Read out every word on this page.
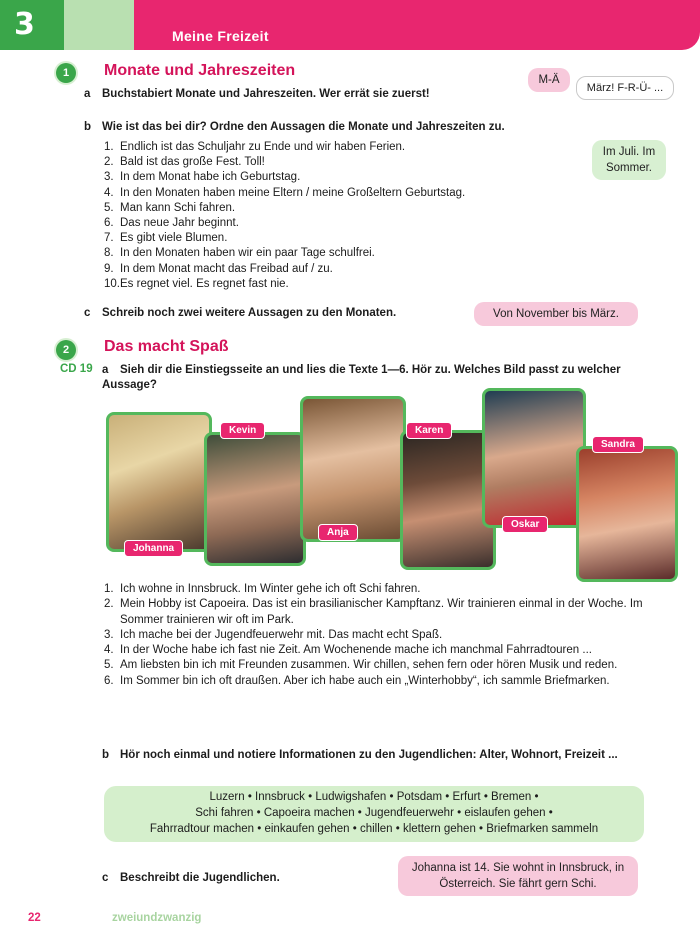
3	Meine Freizeit
1	Monate und Jahreszeiten
a Buchstabiert Monate und Jahreszeiten. Wer errät sie zuerst!
M-Ä
März! F-R-Ü- ...
b Wie ist das bei dir? Ordne den Aussagen die Monate und Jahreszeiten zu.
1. Endlich ist das Schuljahr zu Ende und wir haben Ferien.
2. Bald ist das große Fest. Toll!
3. In dem Monat habe ich Geburtstag.
4. In den Monaten haben meine Eltern / meine Großeltern Geburtstag.
5. Man kann Schi fahren.
6. Das neue Jahr beginnt.
7. Es gibt viele Blumen.
8. In den Monaten haben wir ein paar Tage schulfrei.
9. In dem Monat macht das Freibad auf / zu.
10. Es regnet viel. Es regnet fast nie.
Im Juli. Im Sommer.
c Schreib noch zwei weitere Aussagen zu den Monaten.	Von November bis März.
2	Das macht Spaß
CD 19 a Sieh dir die Einstiegsseite an und lies die Texte 1—6. Hör zu. Welches Bild passt zu welcher Aussage?
Johanna
Kevin
Anja
Karen
Oskar
Sandra
1. Ich wohne in Innsbruck. Im Winter gehe ich oft Schi fahren.
2. Mein Hobby ist Capoeira. Das ist ein brasilianischer Kampftanz. Wir trainieren einmal in der Woche. Im Sommer trainieren wir oft im Park.
3. Ich mache bei der Jugendfeuerwehr mit. Das macht echt Spaß.
4. In der Woche habe ich fast nie Zeit. Am Wochenende mache ich manchmal Fahrradtouren ...
5. Am liebsten bin ich mit Freunden zusammen. Wir chillen, sehen fern oder hören Musik und reden.
6. Im Sommer bin ich oft draußen. Aber ich habe auch ein „Winterhobby“, ich sammle Briefmarken.
b Hör noch einmal und notiere Informationen zu den Jugendlichen: Alter, Wohnort, Freizeit ...
Luzern • Innsbruck • Ludwigshafen • Potsdam • Erfurt • Bremen •
Schi fahren • Capoeira machen • Jugendfeuerwehr • eislaufen gehen •
Fahrradtour machen • einkaufen gehen • chillen • klettern gehen • Briefmarken sammeln
c Beschreibt die Jugendlichen.
Johanna ist 14. Sie wohnt in Innsbruck, in Österreich. Sie fährt gern Schi.
22	zweiundzwanzig
